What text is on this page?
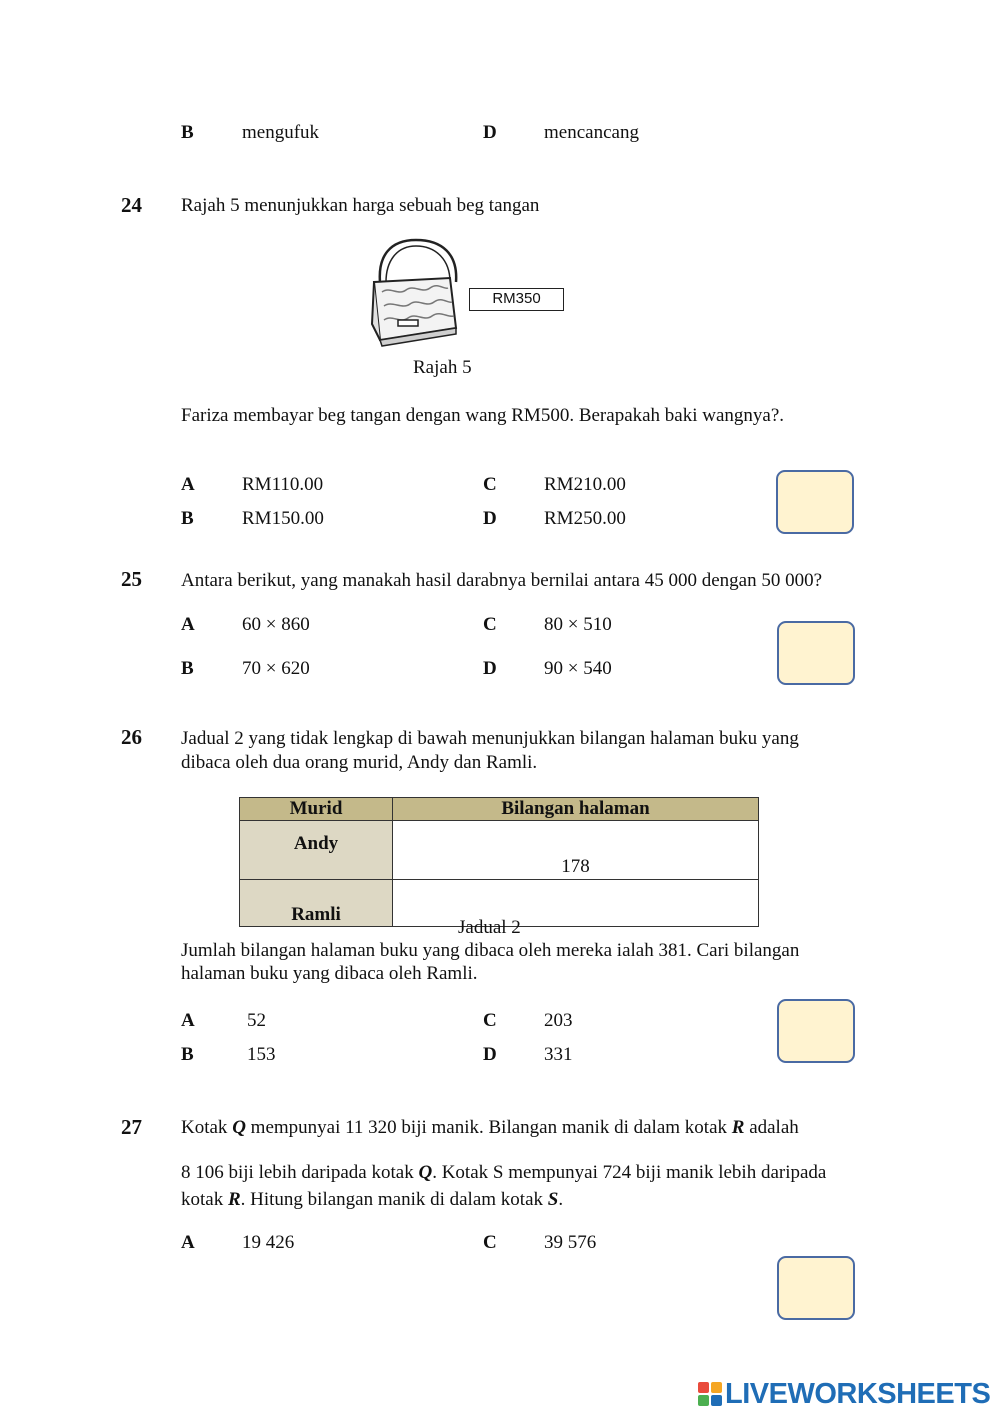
B	mengufuk	D mencancang
24 Rajah 5 menunjukkan harga sebuah beg tangan
RM350
Rajah 5
Fariza membayar beg tangan dengan wang RM500. Berapakah baki wangnya?.
A RM110.00	C RM210.00
B	RM150.00	D RM250.00
25 Antara berikut, yang manakah hasil darabnya bernilai antara 45 000 dengan 50 000?
A 60 × 860	C 80 × 510
B	70 × 620	D 90 × 540
26 Jadual 2 yang tidak lengkap di bawah menunjukkan bilangan halaman buku yang
dibaca oleh dua orang murid, Andy dan Ramli.
Murid	Bilangan halaman
Andy	178
Ramli	
Jadual 2
Jumlah bilangan halaman buku yang dibaca oleh mereka ialah 381. Cari bilangan
halaman buku yang dibaca oleh Ramli.
A	52	C 203
B	153	D 331
27 Kotak Q mempunyai 11 320 biji manik. Bilangan manik di dalam kotak R adalah
8 106 biji lebih daripada kotak Q. Kotak S mempunyai 724 biji manik lebih daripada
kotak R. Hitung bilangan manik di dalam kotak S.
A 19 426	C 39 576
LIVEWORKSHEETS
